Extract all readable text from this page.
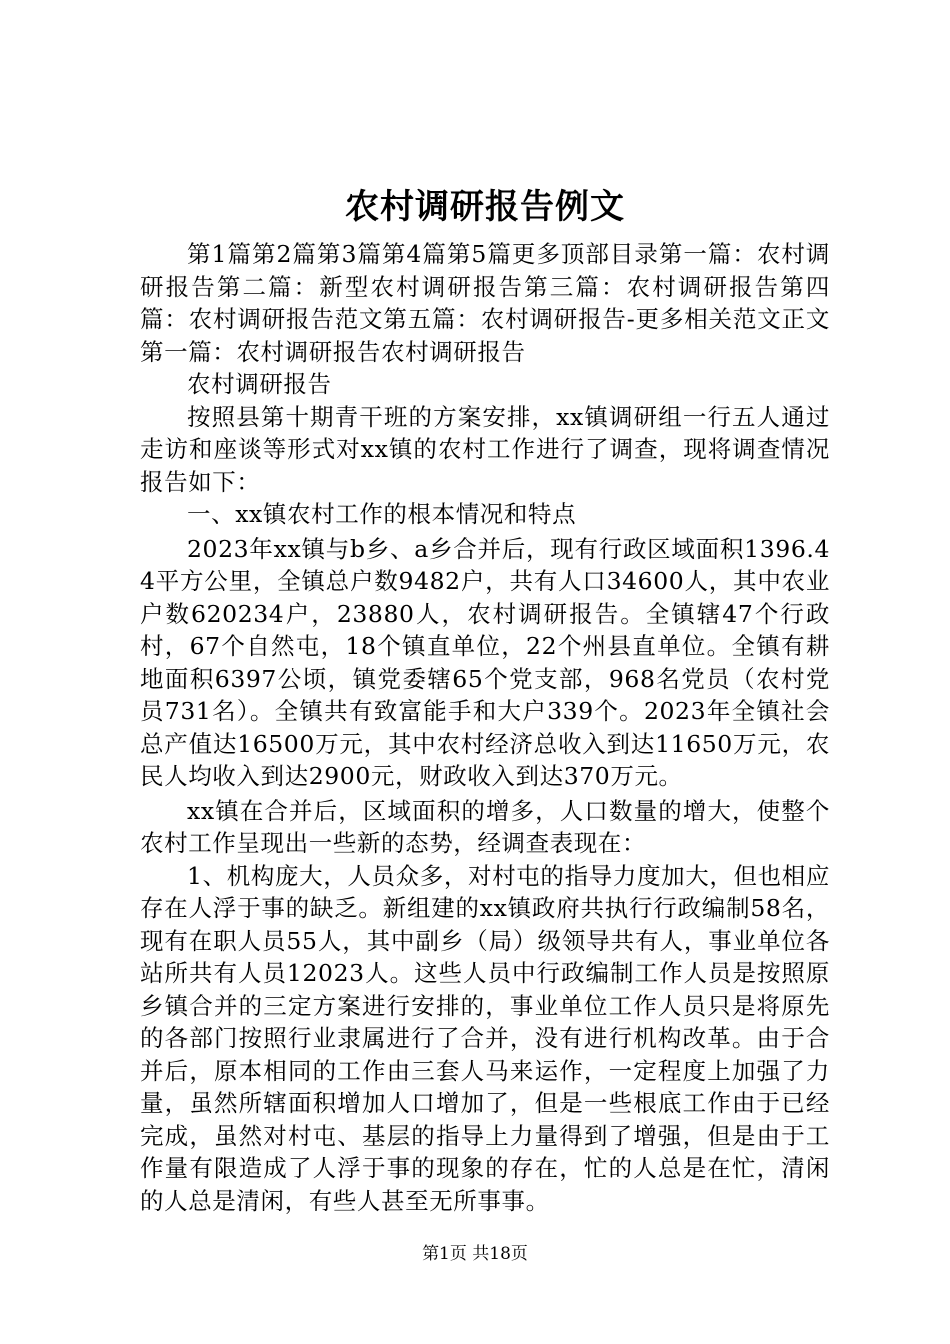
农村调研报告例文

第1篇第2篇第3篇第4篇第5篇更多顶部目录第一篇：农村调研报告第二篇：新型农村调研报告第三篇：农村调研报告第四篇：农村调研报告范文第五篇：农村调研报告-更多相关范文正文第一篇：农村调研报告农村调研报告

农村调研报告

按照县第十期青干班的方案安排，xx镇调研组一行五人通过走访和座谈等形式对xx镇的农村工作进行了调查，现将调查情况报告如下：

一、xx镇农村工作的根本情况和特点

2023年xx镇与b乡、a乡合并后，现有行政区域面积1396.44平方公里，全镇总户数9482户，共有人口34600人，其中农业户数620234户，23880人，农村调研报告。全镇辖47个行政村，67个自然屯，18个镇直单位，22个州县直单位。全镇有耕地面积6397公顷，镇党委辖65个党支部，968名党员（农村党员731名）。全镇共有致富能手和大户339个。2023年全镇社会总产值达16500万元，其中农村经济总收入到达11650万元，农民人均收入到达2900元，财政收入到达370万元。

xx镇在合并后，区域面积的增多，人口数量的增大，使整个农村工作呈现出一些新的态势，经调查表现在：

1、机构庞大，人员众多，对村屯的指导力度加大，但也相应存在人浮于事的缺乏。新组建的xx镇政府共执行行政编制58名，现有在职人员55人，其中副乡（局）级领导共有人，事业单位各站所共有人员12023人。这些人员中行政编制工作人员是按照原乡镇合并的三定方案进行安排的，事业单位工作人员只是将原先的各部门按照行业隶属进行了合并，没有进行机构改革。由于合并后，原本相同的工作由三套人马来运作，一定程度上加强了力量，虽然所辖面积增加人口增加了，但是一些根底工作由于已经完成，虽然对村屯、基层的指导上力量得到了增强，但是由于工作量有限造成了人浮于事的现象的存在，忙的人总是在忙，清闲的人总是清闲，有些人甚至无所事事。

第1页 共18页
